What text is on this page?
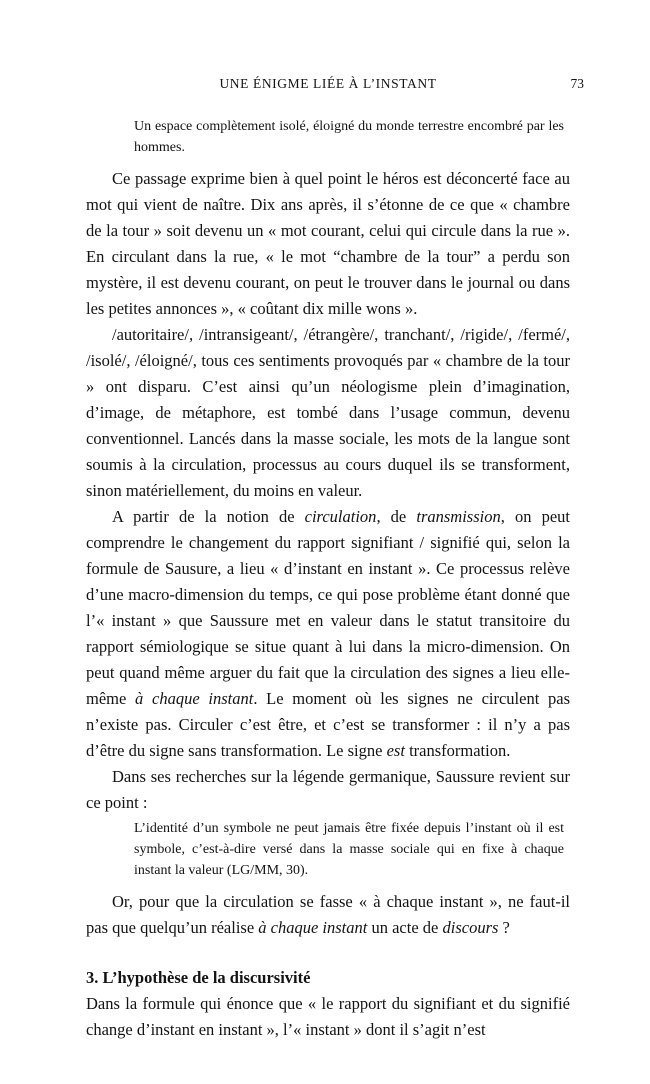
UNE ÉNIGME LIÉE À L’INSTANT	73
Un espace complètement isolé, éloigné du monde terrestre encombré par les hommes.
Ce passage exprime bien à quel point le héros est déconcerté face au mot qui vient de naître. Dix ans après, il s’étonne de ce que « chambre de la tour » soit devenu un « mot courant, celui qui circule dans la rue ». En circulant dans la rue, « le mot “chambre de la tour” a perdu son mystère, il est devenu courant, on peut le trouver dans le journal ou dans les petites annonces », « coûtant dix mille wons ».
/autoritaire/, /intransigeant/, /étrangère/, tranchant/, /rigide/, /fermé/, /isolé/, /éloigné/, tous ces sentiments provoqués par « chambre de la tour » ont disparu. C’est ainsi qu’un néologisme plein d’imagination, d’image, de métaphore, est tombé dans l’usage commun, devenu conventionnel. Lancés dans la masse sociale, les mots de la langue sont soumis à la circulation, processus au cours duquel ils se transforment, sinon matériellement, du moins en valeur.
A partir de la notion de circulation, de transmission, on peut comprendre le changement du rapport signifiant / signifié qui, selon la formule de Sausure, a lieu « d’instant en instant ». Ce processus relève d’une macro-dimension du temps, ce qui pose problème étant donné que l’« instant » que Saussure met en valeur dans le statut transitoire du rapport sémiologique se situe quant à lui dans la micro-dimension. On peut quand même arguer du fait que la circulation des signes a lieu elle-même à chaque instant. Le moment où les signes ne circulent pas n’existe pas. Circuler c’est être, et c’est se transformer : il n’y a pas d’être du signe sans transformation. Le signe est transformation.
Dans ses recherches sur la légende germanique, Saussure revient sur ce point :
L’identité d’un symbole ne peut jamais être fixée depuis l’instant où il est symbole, c’est-à-dire versé dans la masse sociale qui en fixe à chaque instant la valeur (LG/MM, 30).
Or, pour que la circulation se fasse « à chaque instant », ne faut-il pas que quelqu’un réalise à chaque instant un acte de discours ?
3. L’hypothèse de la discursivité
Dans la formule qui énonce que « le rapport du signifiant et du signifié change d’instant en instant », l’« instant » dont il s’agit n’est
